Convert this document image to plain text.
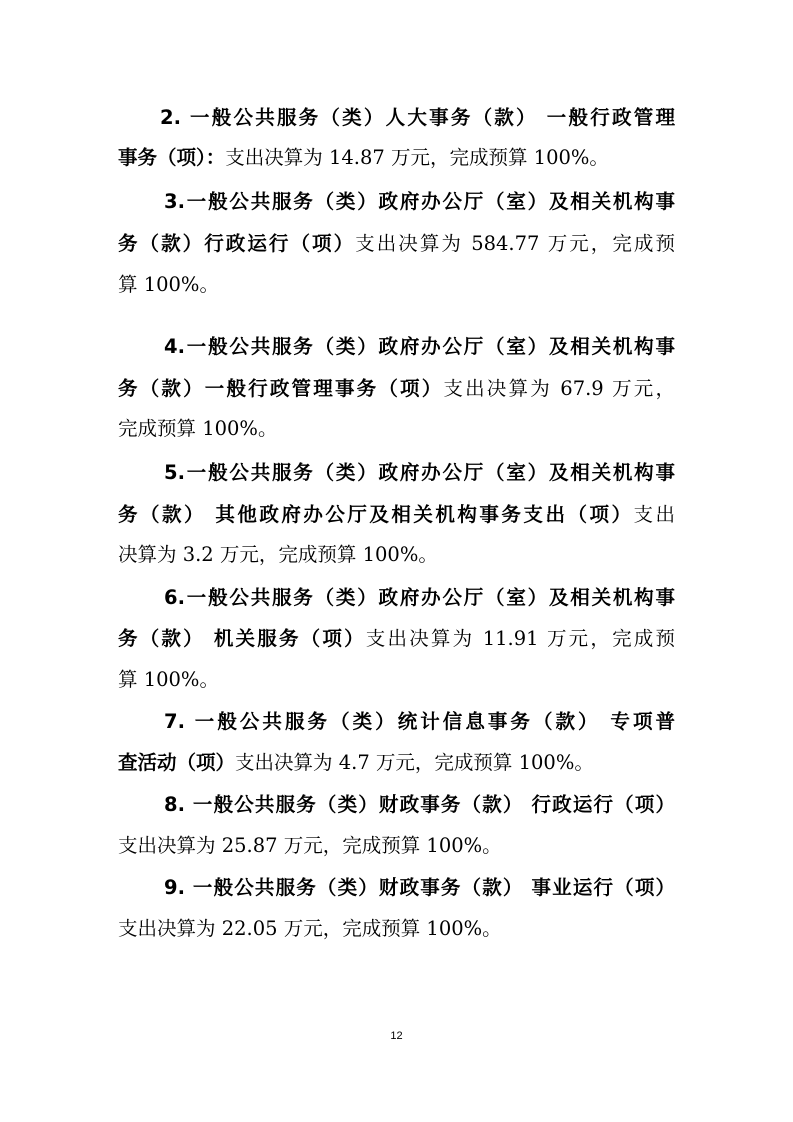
2. 一般公共服务（类）人大事务（款） 一般行政管理
事务（项）：支出决算为 14.87 万元，完成预算 100%。
3.一般公共服务（类）政府办公厅（室）及相关机构事
务（款）行政运行（项）支出决算为 584.77 万元，完成预
算 100%。
4.一般公共服务（类）政府办公厅（室）及相关机构事
务（款）一般行政管理事务（项）支出决算为 67.9 万元，
完成预算 100%。
5.一般公共服务（类）政府办公厅（室）及相关机构事
务（款） 其他政府办公厅及相关机构事务支出（项）支出
决算为 3.2 万元，完成预算 100%。
6.一般公共服务（类）政府办公厅（室）及相关机构事
务（款） 机关服务（项）支出决算为 11.91 万元，完成预
算 100%。
7. 一般公共服务（类）统计信息事务（款） 专项普
查活动（项）支出决算为 4.7 万元，完成预算 100%。
8. 一般公共服务（类）财政事务（款） 行政运行（项）
支出决算为 25.87 万元，完成预算 100%。
9. 一般公共服务（类）财政事务（款） 事业运行（项）
支出决算为 22.05 万元，完成预算 100%。
12
